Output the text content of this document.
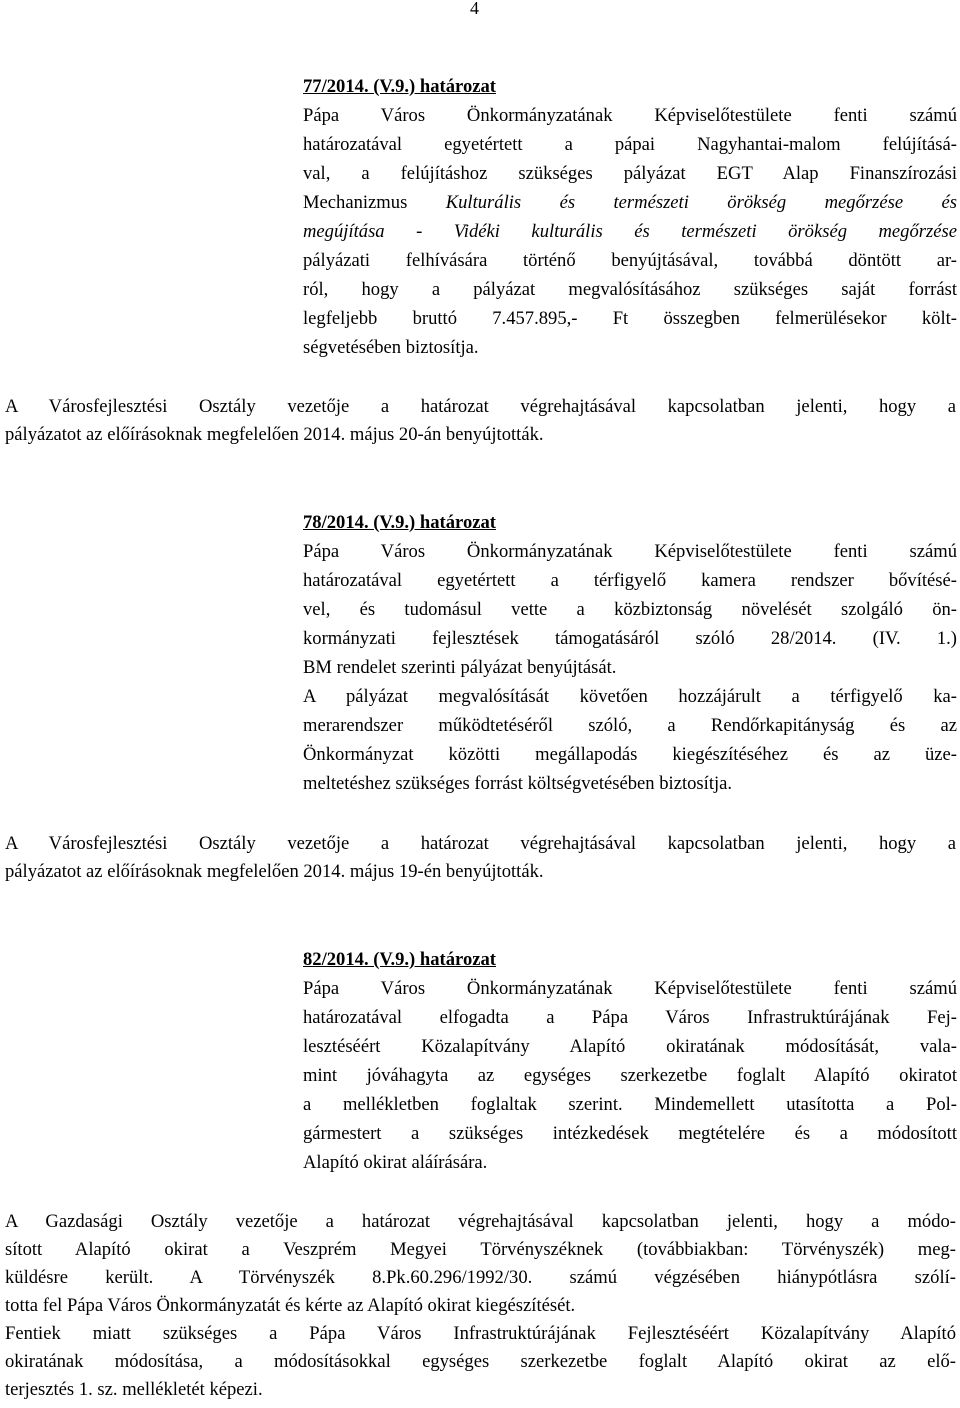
4
77/2014. (V.9.) határozat

Pápa Város Önkormányzatának Képviselőtestülete fenti számú
határozatával egyetértett a pápai Nagyhantai-malom felújításá-
val, a felújításhoz szükséges pályázat EGT Alap Finanszírozási
Mechanizmus Kulturális és természeti örökség megőrzése és
megújítása - Vidéki kulturális és természeti örökség megőrzése
pályázati felhívására történő benyújtásával, továbbá döntött ar-
ról, hogy a pályázat megvalósításához szükséges saját forrást
legfeljebb bruttó 7.457.895,- Ft összegben felmerülésekor költ-
ségvetésében biztosítja.

A Városfejlesztési Osztály vezetője a határozat végrehajtásával kapcsolatban jelenti, hogy a
pályázatot az előírásoknak megfelelően 2014. május 20-án benyújtották.

78/2014. (V.9.) határozat

Pápa Város Önkormányzatának Képviselőtestülete fenti számú
határozatával egyetértett a térfigyelő kamera rendszer bővítésé-
vel, és tudomásul vette a közbiztonság növelését szolgáló ön-
kormányzati fejlesztések támogatásáról szóló 28/2014. (IV. 1.)
BM rendelet szerinti pályázat benyújtását.
A pályázat megvalósítását követően hozzájárult a térfigyelő ka-
merarendszer működtetéséről szóló, a Rendőrkapitányság és az
Önkormányzat közötti megállapodás kiegészítéséhez és az üze-
meltetéshez szükséges forrást költségvetésében biztosítja.

A Városfejlesztési Osztály vezetője a határozat végrehajtásával kapcsolatban jelenti, hogy a
pályázatot az előírásoknak megfelelően 2014. május 19-én benyújtották.

82/2014. (V.9.) határozat

Pápa Város Önkormányzatának Képviselőtestülete fenti számú
határozatával elfogadta a Pápa Város Infrastruktúrájának Fej-
lesztéséért Közalapítvány Alapító okiratának módosítását, vala-
mint jóváhagyta az egységes szerkezetbe foglalt Alapító okiratot
a mellékletben foglaltak szerint. Mindemellett utasította a Pol-
gármestert a szükséges intézkedések megtételére és a módosított
Alapító okirat aláírására.

A Gazdasági Osztály vezetője a határozat végrehajtásával kapcsolatban jelenti, hogy a módo-
sított Alapító okirat a Veszprém Megyei Törvényszéknek (továbbiakban: Törvényszék) meg-
küldésre került. A Törvényszék 8.Pk.60.296/1992/30. számú végzésében hiánypótlásra szólí-
totta fel Pápa Város Önkormányzatát és kérte az Alapító okirat kiegészítését.
Fentiek miatt szükséges a Pápa Város Infrastruktúrájának Fejlesztéséért Közalapítvány Alapító
okiratának módosítása, a módosításokkal egységes szerkezetbe foglalt Alapító okirat az elő-
terjesztés 1. sz. mellékletét képezi.
